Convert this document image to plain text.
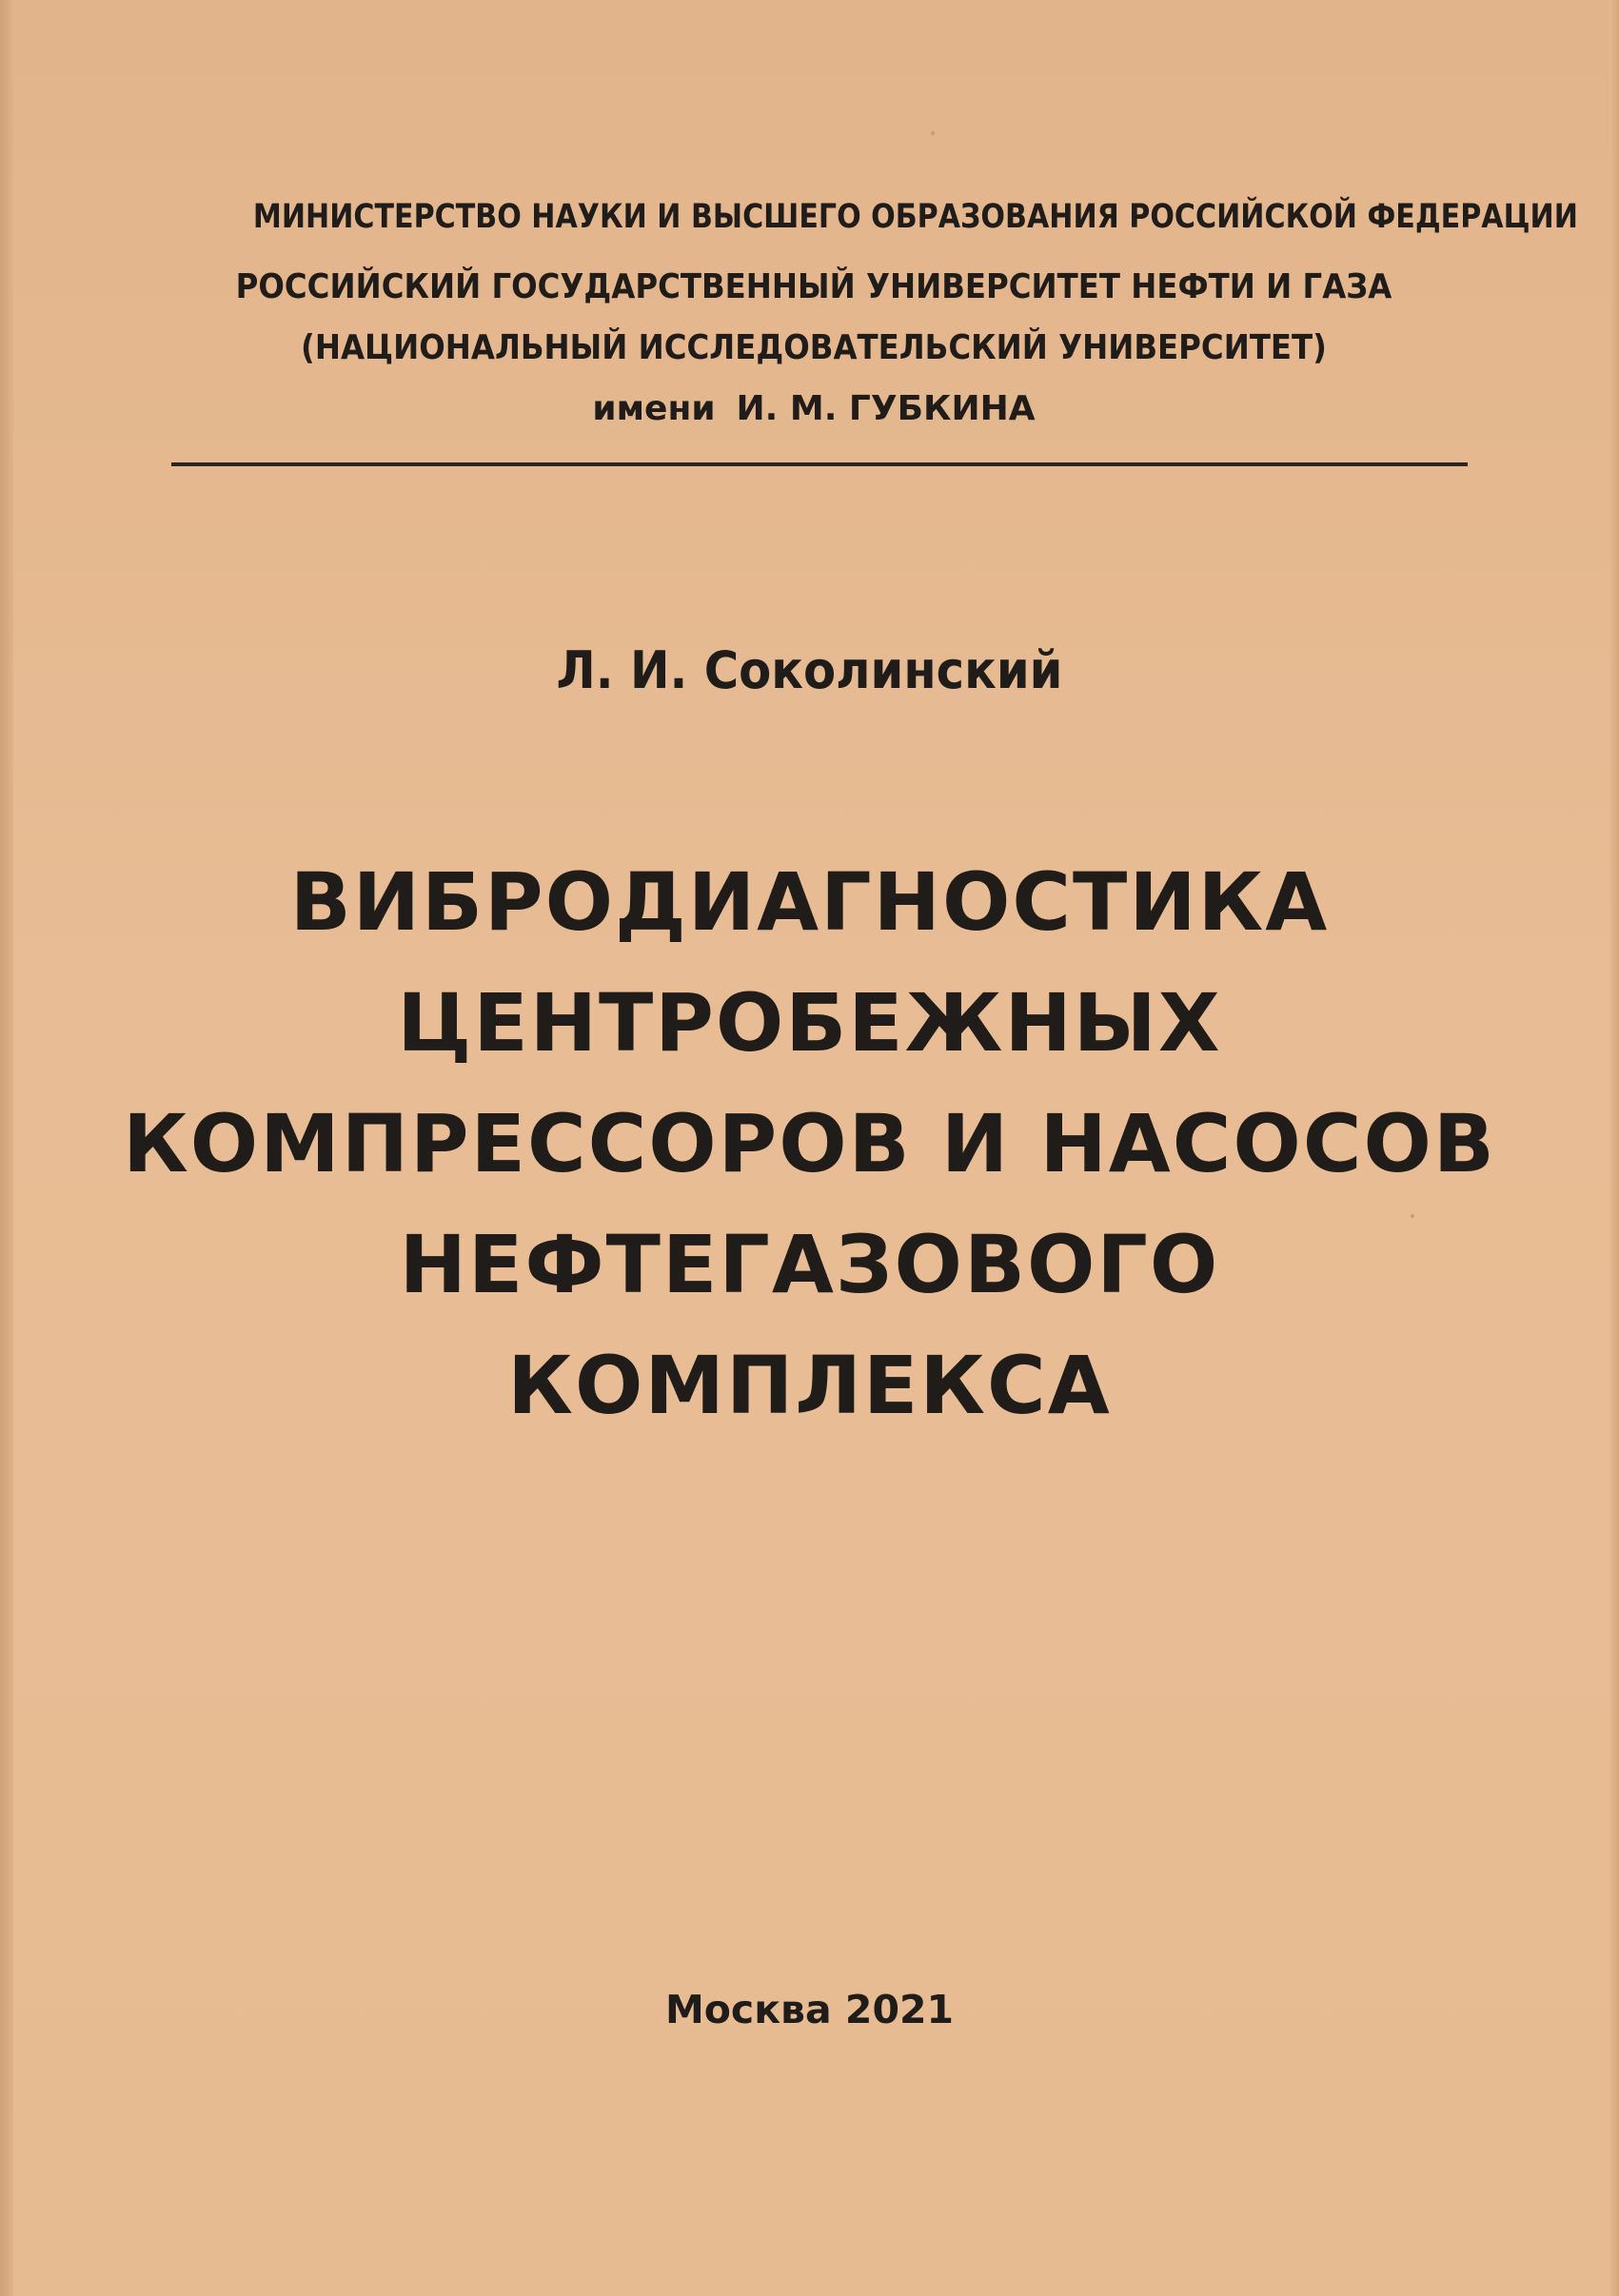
МИНИСТЕРСТВО НАУКИ И ВЫСШЕГО ОБРАЗОВАНИЯ РОССИЙСКОЙ ФЕДЕРАЦИИ
РОССИЙСКИЙ ГОСУДАРСТВЕННЫЙ УНИВЕРСИТЕТ НЕФТИ И ГАЗА
(НАЦИОНАЛЬНЫЙ ИССЛЕДОВАТЕЛЬСКИЙ УНИВЕРСИТЕТ)
имени И. М. ГУБКИНА
Л. И. Соколинский
ВИБРОДИАГНОСТИКА
ЦЕНТРОБЕЖНЫХ
КОМПРЕССОРОВ И НАСОСОВ
НЕФТЕГАЗОВОГО
КОМПЛЕКСА
Москва 2021
